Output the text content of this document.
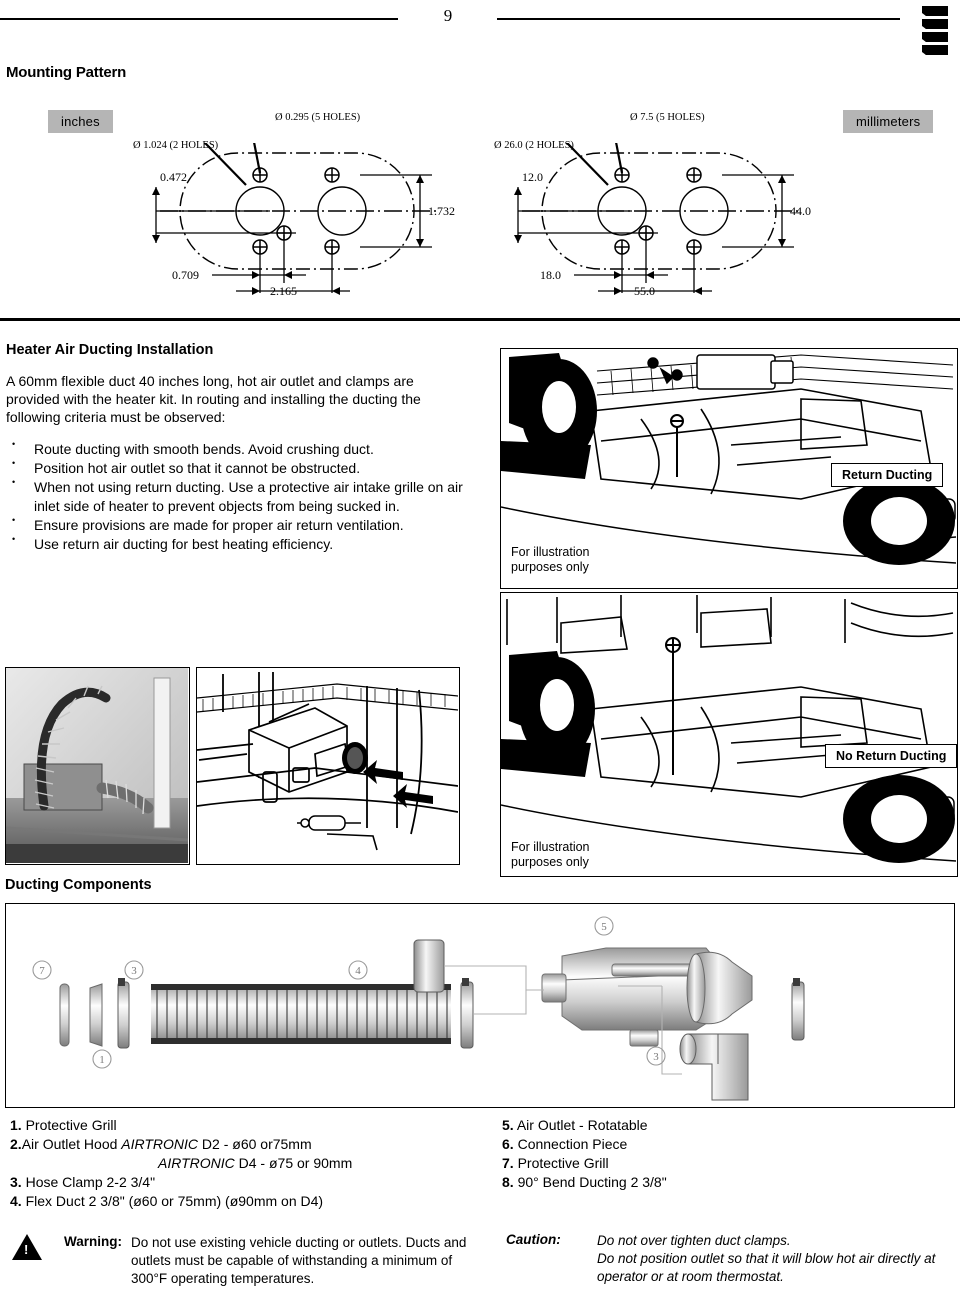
9
Mounting Pattern
inches	millimeters
Ø 1.024 (2 HOLES)
Ø 0.295 (5 HOLES)
Ø 26.0 (2 HOLES)
Ø 7.5 (5 HOLES)
0.472
1.732
0.709
2.165
12.0
44.0
18.0
55.0
Heater Air Ducting Installation
A 60mm flexible duct 40 inches long, hot air outlet and clamps are provided with the heater kit. In routing and installing the ducting the following criteria must be observed:
• Route ducting with smooth bends. Avoid crushing duct.
• Position hot air outlet so that it cannot be obstructed.
• When not using return ducting. Use a protective air intake grille on air inlet side of heater to prevent objects from being sucked in.
• Ensure provisions are made for proper air return ventilation.
• Use return air ducting for best heating efficiency.
Return Ducting
For illustration
purposes only
No Return Ducting
For illustration
purposes only
Ducting Components
7	3
1
4
5
3
1. Protective Grill
2.Air Outlet Hood AIRTRONIC D2 - ø60 or75mm
AIRTRONIC D4 - ø75 or 90mm
3. Hose Clamp 2-2 3/4"
4. Flex Duct 2 3/8" (ø60 or 75mm) (ø90mm on D4)
5. Air Outlet - Rotatable
6. Connection Piece
7. Protective Grill
8. 90° Bend Ducting 2 3/8"
!
Warning: Do not use existing vehicle ducting or outlets. Ducts and outlets must be capable of withstanding a minimum of 300°F operating temperatures.
Caution:	Do not over tighten duct clamps.
Do not position outlet so that it will blow hot air directly at operator or at room thermostat.
